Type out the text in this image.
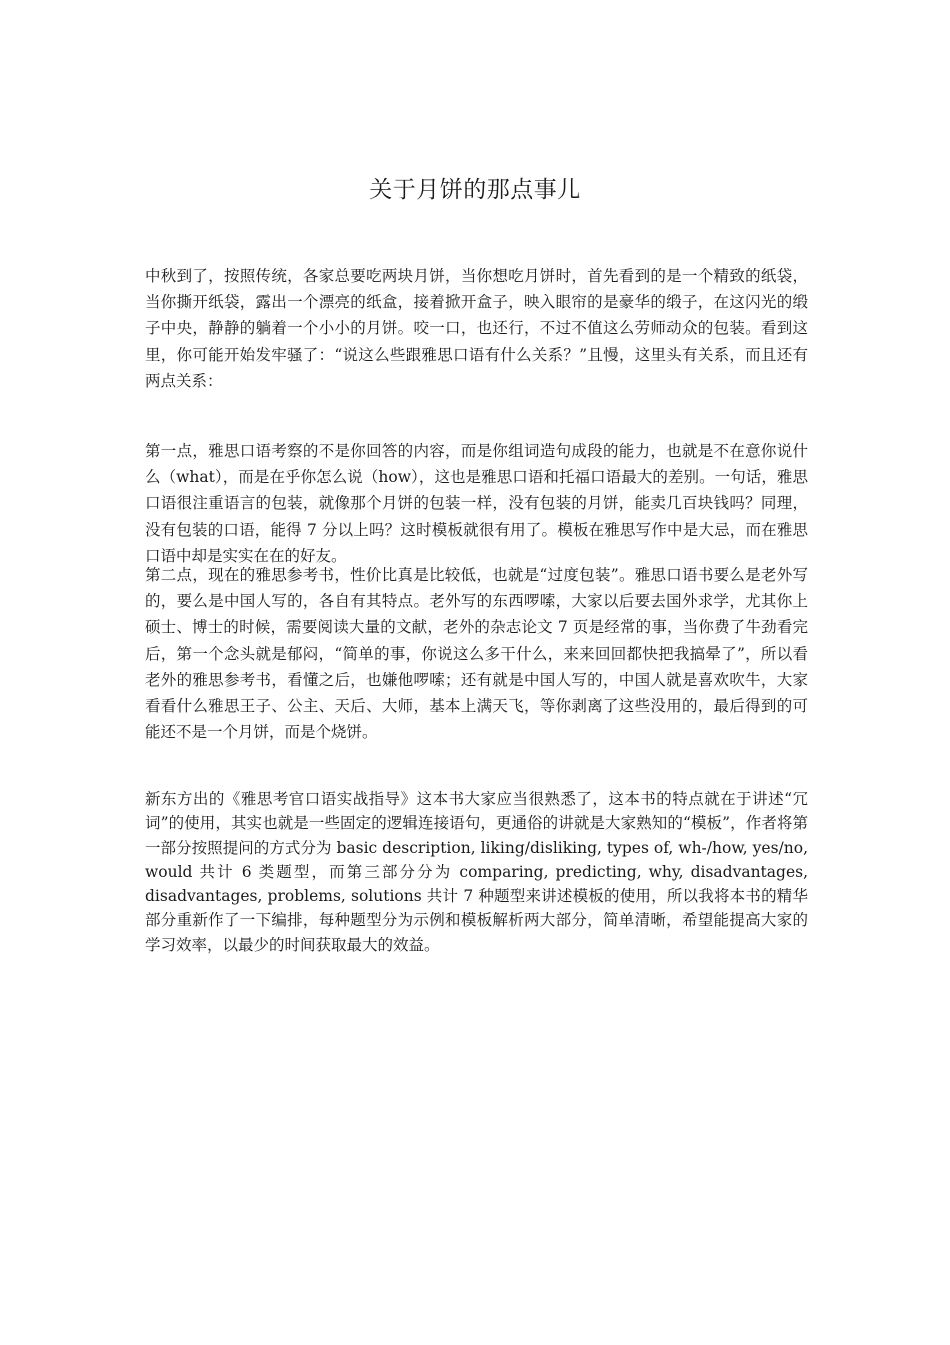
关于月饼的那点事儿

中秋到了，按照传统，各家总要吃两块月饼，当你想吃月饼时，首先看到的是一个精致的纸袋，当你撕开纸袋，露出一个漂亮的纸盒，接着掀开盒子，映入眼帘的是豪华的缎子，在这闪光的缎子中央，静静的躺着一个小小的月饼。咬一口，也还行，不过不值这么劳师动众的包装。看到这里，你可能开始发牢骚了：“说这么些跟雅思口语有什么关系？”且慢，这里头有关系，而且还有两点关系：

第一点，雅思口语考察的不是你回答的内容，而是你组词造句成段的能力，也就是不在意你说什么（what），而是在乎你怎么说（how），这也是雅思口语和托福口语最大的差别。一句话，雅思口语很注重语言的包装，就像那个月饼的包装一样，没有包装的月饼，能卖几百块钱吗？同理，没有包装的口语，能得 7 分以上吗？这时模板就很有用了。模板在雅思写作中是大忌，而在雅思口语中却是实实在在的好友。

第二点，现在的雅思参考书，性价比真是比较低，也就是“过度包装”。雅思口语书要么是老外写的，要么是中国人写的，各自有其特点。老外写的东西啰嗦，大家以后要去国外求学，尤其你上硕士、博士的时候，需要阅读大量的文献，老外的杂志论文 7 页是经常的事，当你费了牛劲看完后，第一个念头就是郁闷，“简单的事，你说这么多干什么，来来回回都快把我搞晕了”，所以看老外的雅思参考书，看懂之后，也嫌他啰嗦；还有就是中国人写的，中国人就是喜欢吹牛，大家看看什么雅思王子、公主、天后、大师，基本上满天飞，等你剥离了这些没用的，最后得到的可能还不是一个月饼，而是个烧饼。

新东方出的《雅思考官口语实战指导》这本书大家应当很熟悉了，这本书的特点就在于讲述“冗词”的使用，其实也就是一些固定的逻辑连接语句，更通俗的讲就是大家熟知的“模板”，作者将第一部分按照提问的方式分为 basic description, liking/disliking, types of, wh-/how, yes/no, would 共计 6 类题型，而第三部分分为 comparing, predicting, why, disadvantages, disadvantages, problems, solutions 共计 7 种题型来讲述模板的使用，所以我将本书的精华部分重新作了一下编排，每种题型分为示例和模板解析两大部分，简单清晰，希望能提高大家的学习效率，以最少的时间获取最大的效益。
